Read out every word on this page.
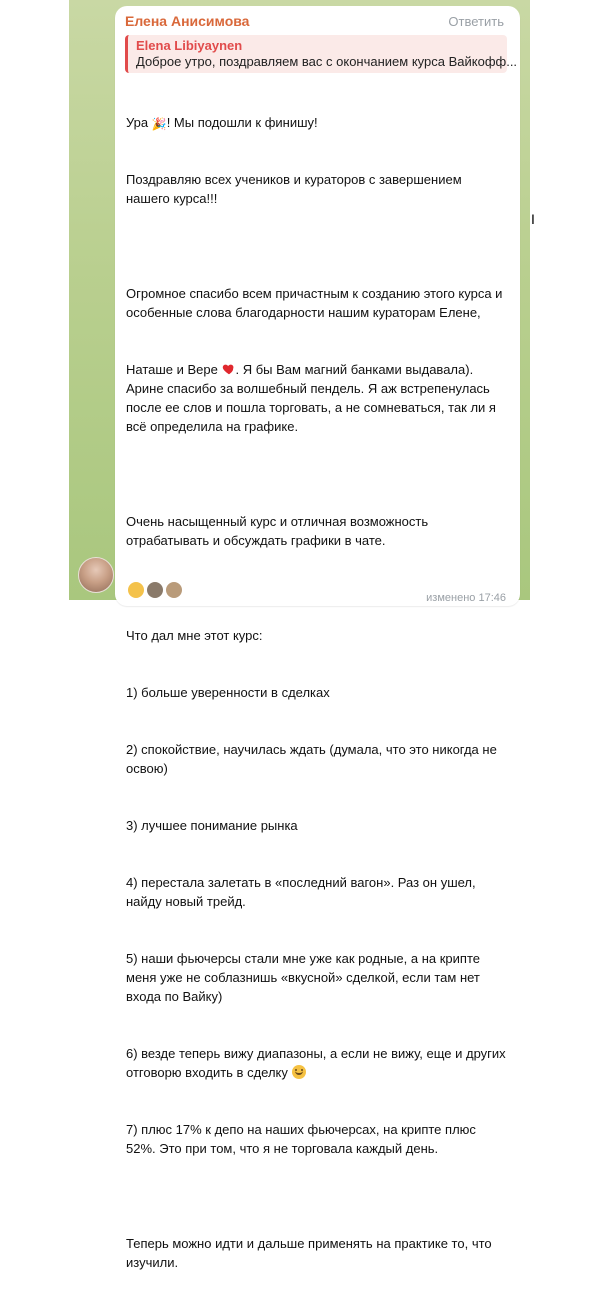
Елена Анисимова	Ответить
Elena Libiyaynen
Доброе утро, поздравляем вас с окончанием курса Вайкофф...

Ура 🎉! Мы подошли к финишу!

Поздравляю всех учеников и кураторов с завершением нашего курса!!!

Огромное спасибо всем причастным к созданию этого курса и особенные слова благодарности нашим кураторам Елене,

Наташе и Вере . Я бы Вам магний банками выдавала). Арине спасибо за волшебный пендель. Я аж встрепенулась после ее слов и пошла торговать, а не сомневаться, так ли я всё определила на графике.

Очень насыщенный курс и отличная возможность отрабатывать и обсуждать графики в чате.

Что дал мне этот курс:

1) больше уверенности в сделках

2) спокойствие, научилась ждать (думала, что это никогда не освою)

3) лучшее понимание рынка

4) перестала залетать в «последний вагон». Раз он ушел, найду новый трейд.

5) наши фьючерсы стали мне уже как родные, а на крипте меня уже не соблазнишь «вкусной» сделкой, если там нет входа по Вайку)

6) везде теперь вижу диапазоны, а если не вижу, еще и других отговорю входить в сделку

7) плюс 17% к депо на наших фьючерсах, на крипте плюс 52%. Это при том, что я не торговала каждый день.

Теперь можно идти и дальше применять на практике то, что изучили.

I
изменено 17:46
